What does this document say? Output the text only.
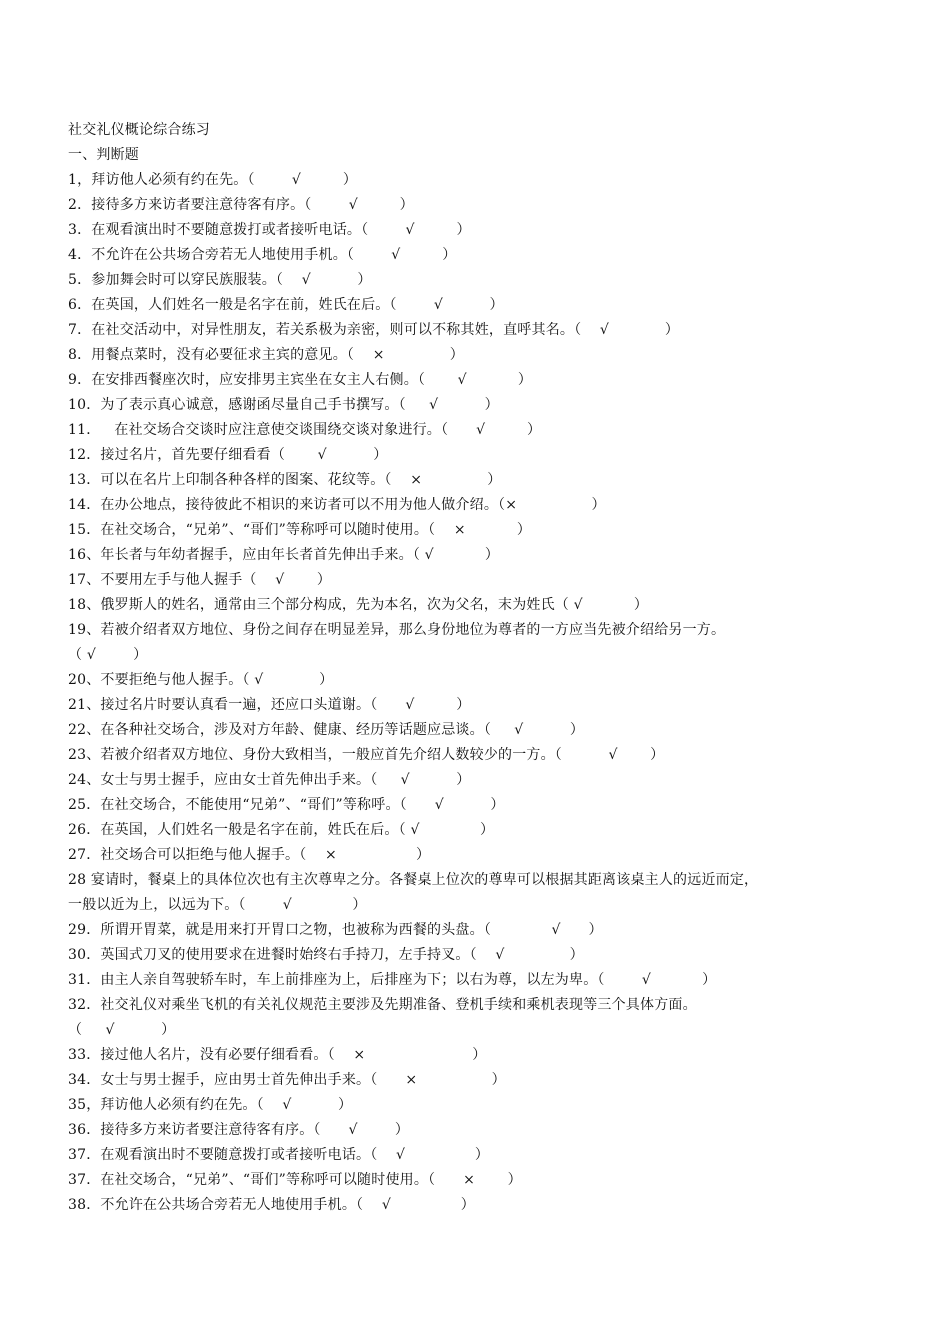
社交礼仪概论综合练习
一、判断题
1，拜访他人必须有约在先。（        √         ）
2．接待多方来访者要注意待客有序。（        √         ）
3．在观看演出时不要随意拨打或者接听电话。（        √         ）
4．不允许在公共场合旁若无人地使用手机。（        √         ）
5．参加舞会时可以穿民族服装。（    √          ）
6．在英国，人们姓名一般是名字在前，姓氏在后。（        √          ）
7．在社交活动中，对异性朋友，若关系极为亲密，则可以不称其姓，直呼其名。（    √            ）
8．用餐点菜时，没有必要征求主宾的意见。（    ×              ）
9．在安排西餐座次时，应安排男主宾坐在女主人右侧。（       √           ）
10．为了表示真心诚意，感谢函尽量自己手书撰写。（     √          ）
11．   在社交场合交谈时应注意使交谈围绕交谈对象进行。（      √         ）
12．接过名片，首先要仔细看看（       √          ）
13．可以在名片上印制各种各样的图案、花纹等。（    ×              ）
14．在办公地点，接待彼此不相识的来访者可以不用为他人做介绍。（×                ）
15．在社交场合，“兄弟”、“哥们”等称呼可以随时使用。（    ×           ）
16、年长者与年幼者握手，应由年长者首先伸出手来。（ √           ）
17、不要用左手与他人握手（    √       ）
18、俄罗斯人的姓名，通常由三个部分构成，先为本名，次为父名，末为姓氏（ √           ）
19、若被介绍者双方地位、身份之间存在明显差异，那么身份地位为尊者的一方应当先被介绍给另一方。
（ √        ）
20、不要拒绝与他人握手。（ √            ）
21、接过名片时要认真看一遍，还应口头道谢。（      √         ）
22、在各种社交场合，涉及对方年龄、健康、经历等话题应忌谈。（     √          ）
23、若被介绍者双方地位、身份大致相当，一般应首先介绍人数较少的一方。（          √       ）
24、女士与男士握手，应由女士首先伸出手来。（     √          ）
25．在社交场合，不能使用“兄弟”、“哥们”等称呼。（      √          ）
26．在英国，人们姓名一般是名字在前，姓氏在后。（ √             ）
27．社交场合可以拒绝与他人握手。（    ×                 ）
28 宴请时，餐桌上的具体位次也有主次尊卑之分。各餐桌上位次的尊卑可以根据其距离该桌主人的远近而定，
一般以近为上，以远为下。（        √             ）
29．所谓开胃菜，就是用来打开胃口之物，也被称为西餐的头盘。（             √      ）
30．英国式刀叉的使用要求在进餐时始终右手持刀，左手持叉。（    √              ）
31．由主人亲自驾驶轿车时，车上前排座为上，后排座为下；以右为尊，以左为卑。（        √           ）
32．社交礼仪对乘坐飞机的有关礼仪规范主要涉及先期准备、登机手续和乘机表现等三个具体方面。
（     √          ）
33．接过他人名片，没有必要仔细看看。（    ×                       ）
34．女士与男士握手，应由男士首先伸出手来。（      ×                ）
35，拜访他人必须有约在先。（    √          ）
36．接待多方来访者要注意待客有序。（      √        ）
37．在观看演出时不要随意拨打或者接听电话。（    √               ）
37．在社交场合，“兄弟”、“哥们”等称呼可以随时使用。（      ×       ）
38．不允许在公共场合旁若无人地使用手机。（    √               ）
